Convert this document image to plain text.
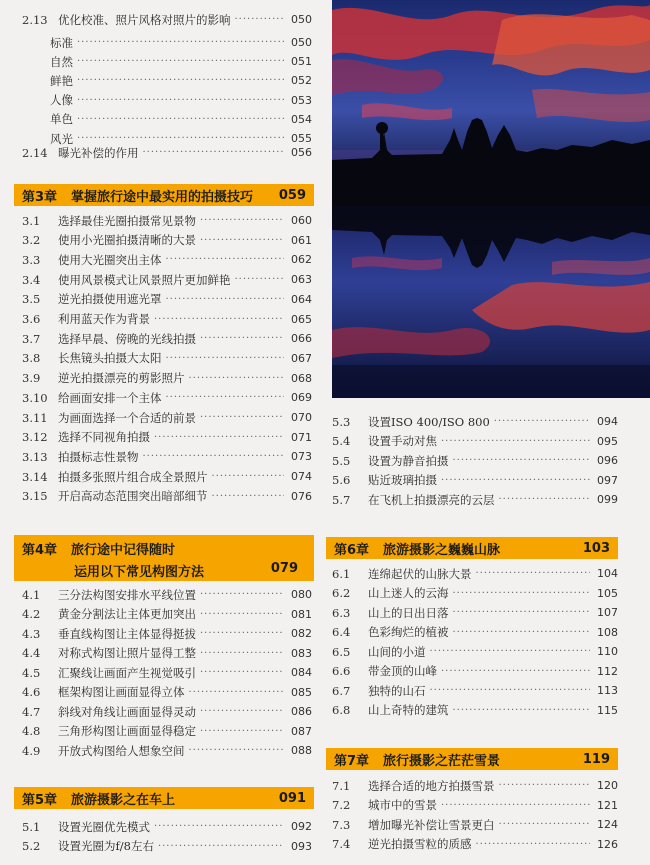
2.13 优化校准、照片风格对照片的影响 ·····	050
标准 ·····	050
自然 ·····	051
鲜艳 ·····	052
人像 ·····	053
单色 ·····	054
风光 ·····	055
2.14 曝光补偿的作用 ·····	056
第3章 掌握旅行途中最实用的拍摄技巧	059
3.1	选择最佳光圈拍摄常见景物 ·····	060
3.2	使用小光圈拍摄清晰的大景 ·····	061
3.3	使用大光圈突出主体 ·····	062
3.4	使用风景模式让风景照片更加鲜艳 ·····	063
3.5	逆光拍摄使用遮光罩 ·····	064
3.6	利用蓝天作为背景 ·····	065
3.7	选择早晨、傍晚的光线拍摄 ·····	066
3.8	长焦镜头拍摄大太阳 ·····	067
3.9	逆光拍摄漂亮的剪影照片 ·····	068
3.10 给画面安排一个主体 ·····	069
3.11 为画面选择一个合适的前景 ·····	070
3.12 选择不同视角拍摄 ·····	071
3.13 拍摄标志性景物 ·····	073
3.14 拍摄多张照片组合成全景照片 ·····	074
3.15 开启高动态范围突出暗部细节 ·····	076
第4章 旅行途中记得随时
运用以下常见构图方法	079
4.1	三分法构图安排水平线位置 ·····	080
4.2	黄金分割法让主体更加突出 ·····	081
4.3	垂直线构图让主体显得挺拔 ·····	082
4.4	对称式构图让照片显得工整 ·····	083
4.5	汇聚线让画面产生视觉吸引 ·····	084
4.6	框架构图让画面显得立体 ·····	085
4.7	斜线对角线让画面显得灵动 ·····	086
4.8	三角形构图让画面显得稳定 ·····	087
4.9	开放式构图给人想象空间 ·····	088
第5章 旅游摄影之在车上	091
5.1	设置光圈优先模式 ·····	092
5.2	设置光圈为f/8左右 ·····	093
5.3	设置ISO 400/ISO 800 ·····	094
5.4	设置手动对焦 ·····	095
5.5	设置为静音拍摄 ·····	096
5.6	贴近玻璃拍摄 ·····	097
5.7	在飞机上拍摄漂亮的云层 ·····	099
第6章 旅游摄影之巍巍山脉	103
6.1	连绵起伏的山脉大景 ·····	104
6.2	山上迷人的云海 ·····	105
6.3	山上的日出日落 ·····	107
6.4	色彩绚烂的植被 ·····	108
6.5	山间的小道 ·····	110
6.6	带金顶的山峰 ·····	112
6.7	独特的山石 ·····	113
6.8	山上奇特的建筑 ·····	115
第7章 旅行摄影之茫茫雪景	119
7.1	选择合适的地方拍摄雪景 ·····	120
7.2	城市中的雪景 ·····	121
7.3	增加曝光补偿让雪景更白 ·····	124
7.4	逆光拍摄雪粒的质感 ·····	126
